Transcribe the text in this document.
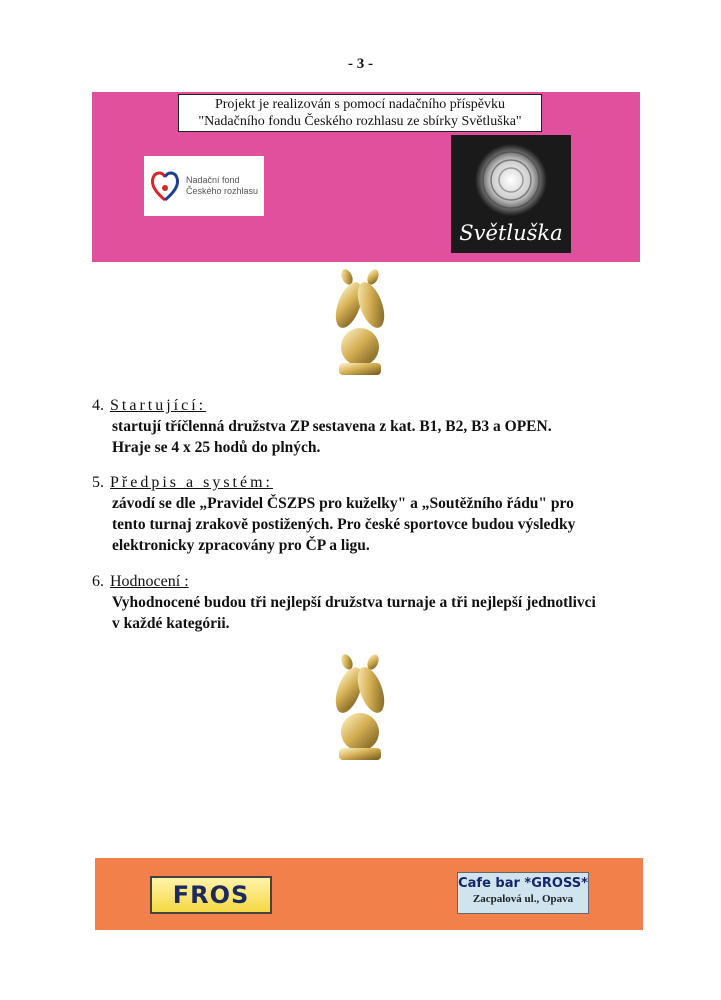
- 3 -
Projekt je realizován s pomocí nadačního příspěvku
"Nadačního fondu Českého rozhlasu ze sbírky Světluška"
Nadační fond
Českého rozhlasu
Světluška
4. Startující:
startují tříčlenná družstva ZP sestavena z kat. B1, B2, B3 a OPEN.
Hraje se 4 x 25 hodů do plných.
5. Předpis a systém:
závodí se dle „Pravidel ČSZPS pro kuželky" a „Soutěžního řádu" pro
tento turnaj zrakově postižených. Pro české sportovce budou výsledky
elektronicky zpracovány pro ČP a ligu.
6. Hodnocení :
Vyhodnocené budou tři nejlepší družstva turnaje a tři nejlepší jednotlivci
v každé kategórii.
FROS	Cafe bar *GROSS*
Zacpalová ul., Opava
